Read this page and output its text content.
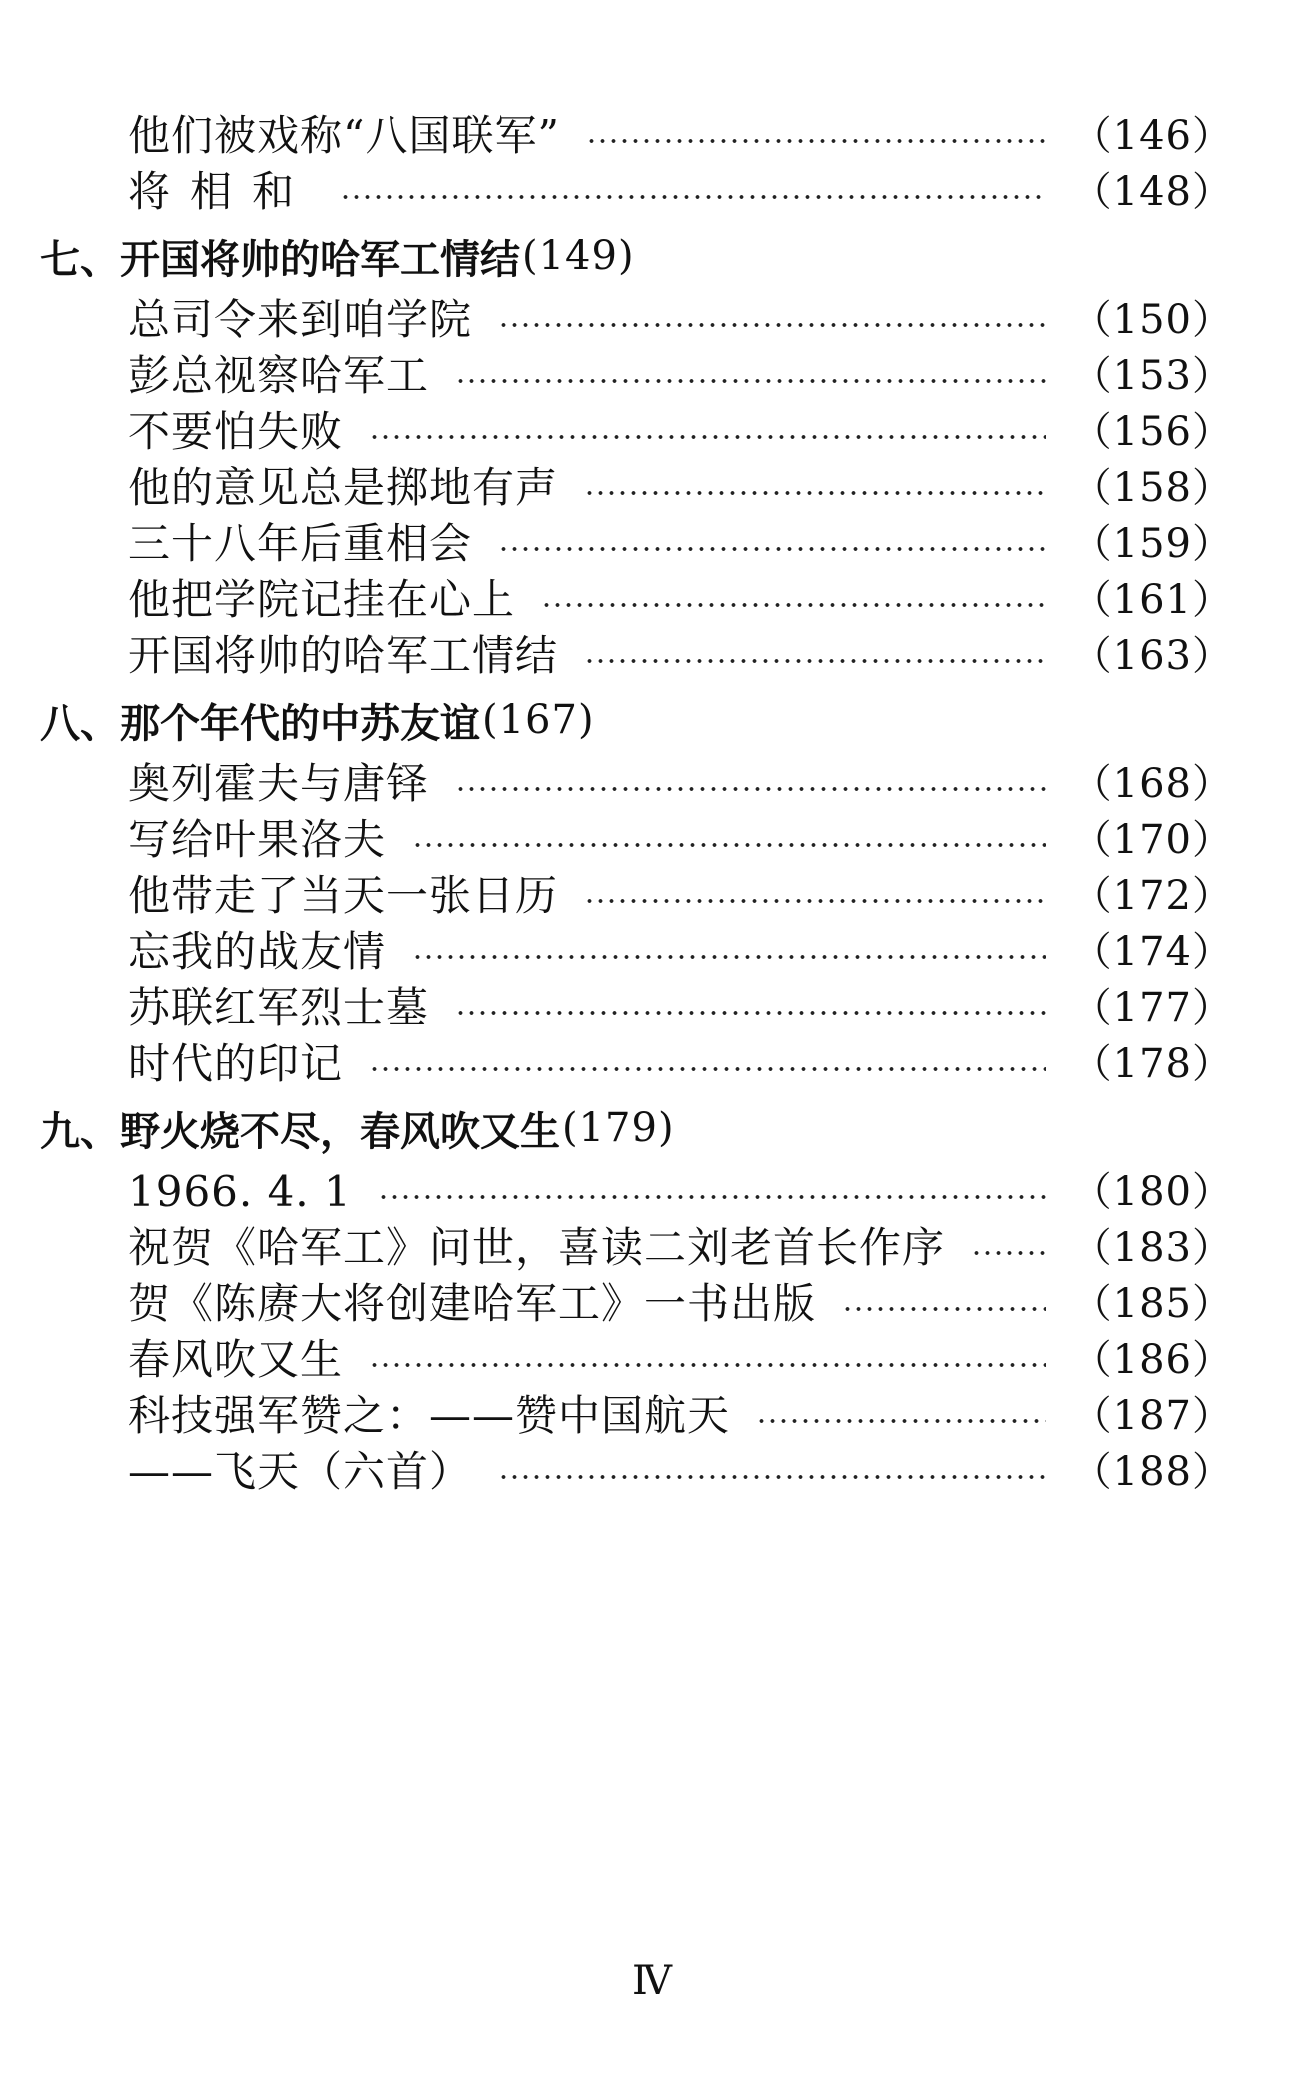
他们被戏称“八国联军”	（146）
将相和	（148）
七、开国将帅的哈军工情结 (149)
总司令来到咱学院	（150）
彭总视察哈军工	（153）
不要怕失败	（156）
他的意见总是掷地有声	（158）
三十八年后重相会	（159）
他把学院记挂在心上	（161）
开国将帅的哈军工情结	（163）
八、那个年代的中苏友谊 (167)
奥列霍夫与唐铎	（168）
写给叶果洛夫	（170）
他带走了当天一张日历	（172）
忘我的战友情	（174）
苏联红军烈士墓	（177）
时代的印记	（178）
九、野火烧不尽，春风吹又生 (179)
1966. 4. 1	（180）
祝贺《哈军工》问世，喜读二刘老首长作序	（183）
贺《陈赓大将创建哈军工》一书出版	（185）
春风吹又生	（186）
科技强军赞之：——赞中国航天	（187）
——飞天（六首）	（188）
Ⅳ
